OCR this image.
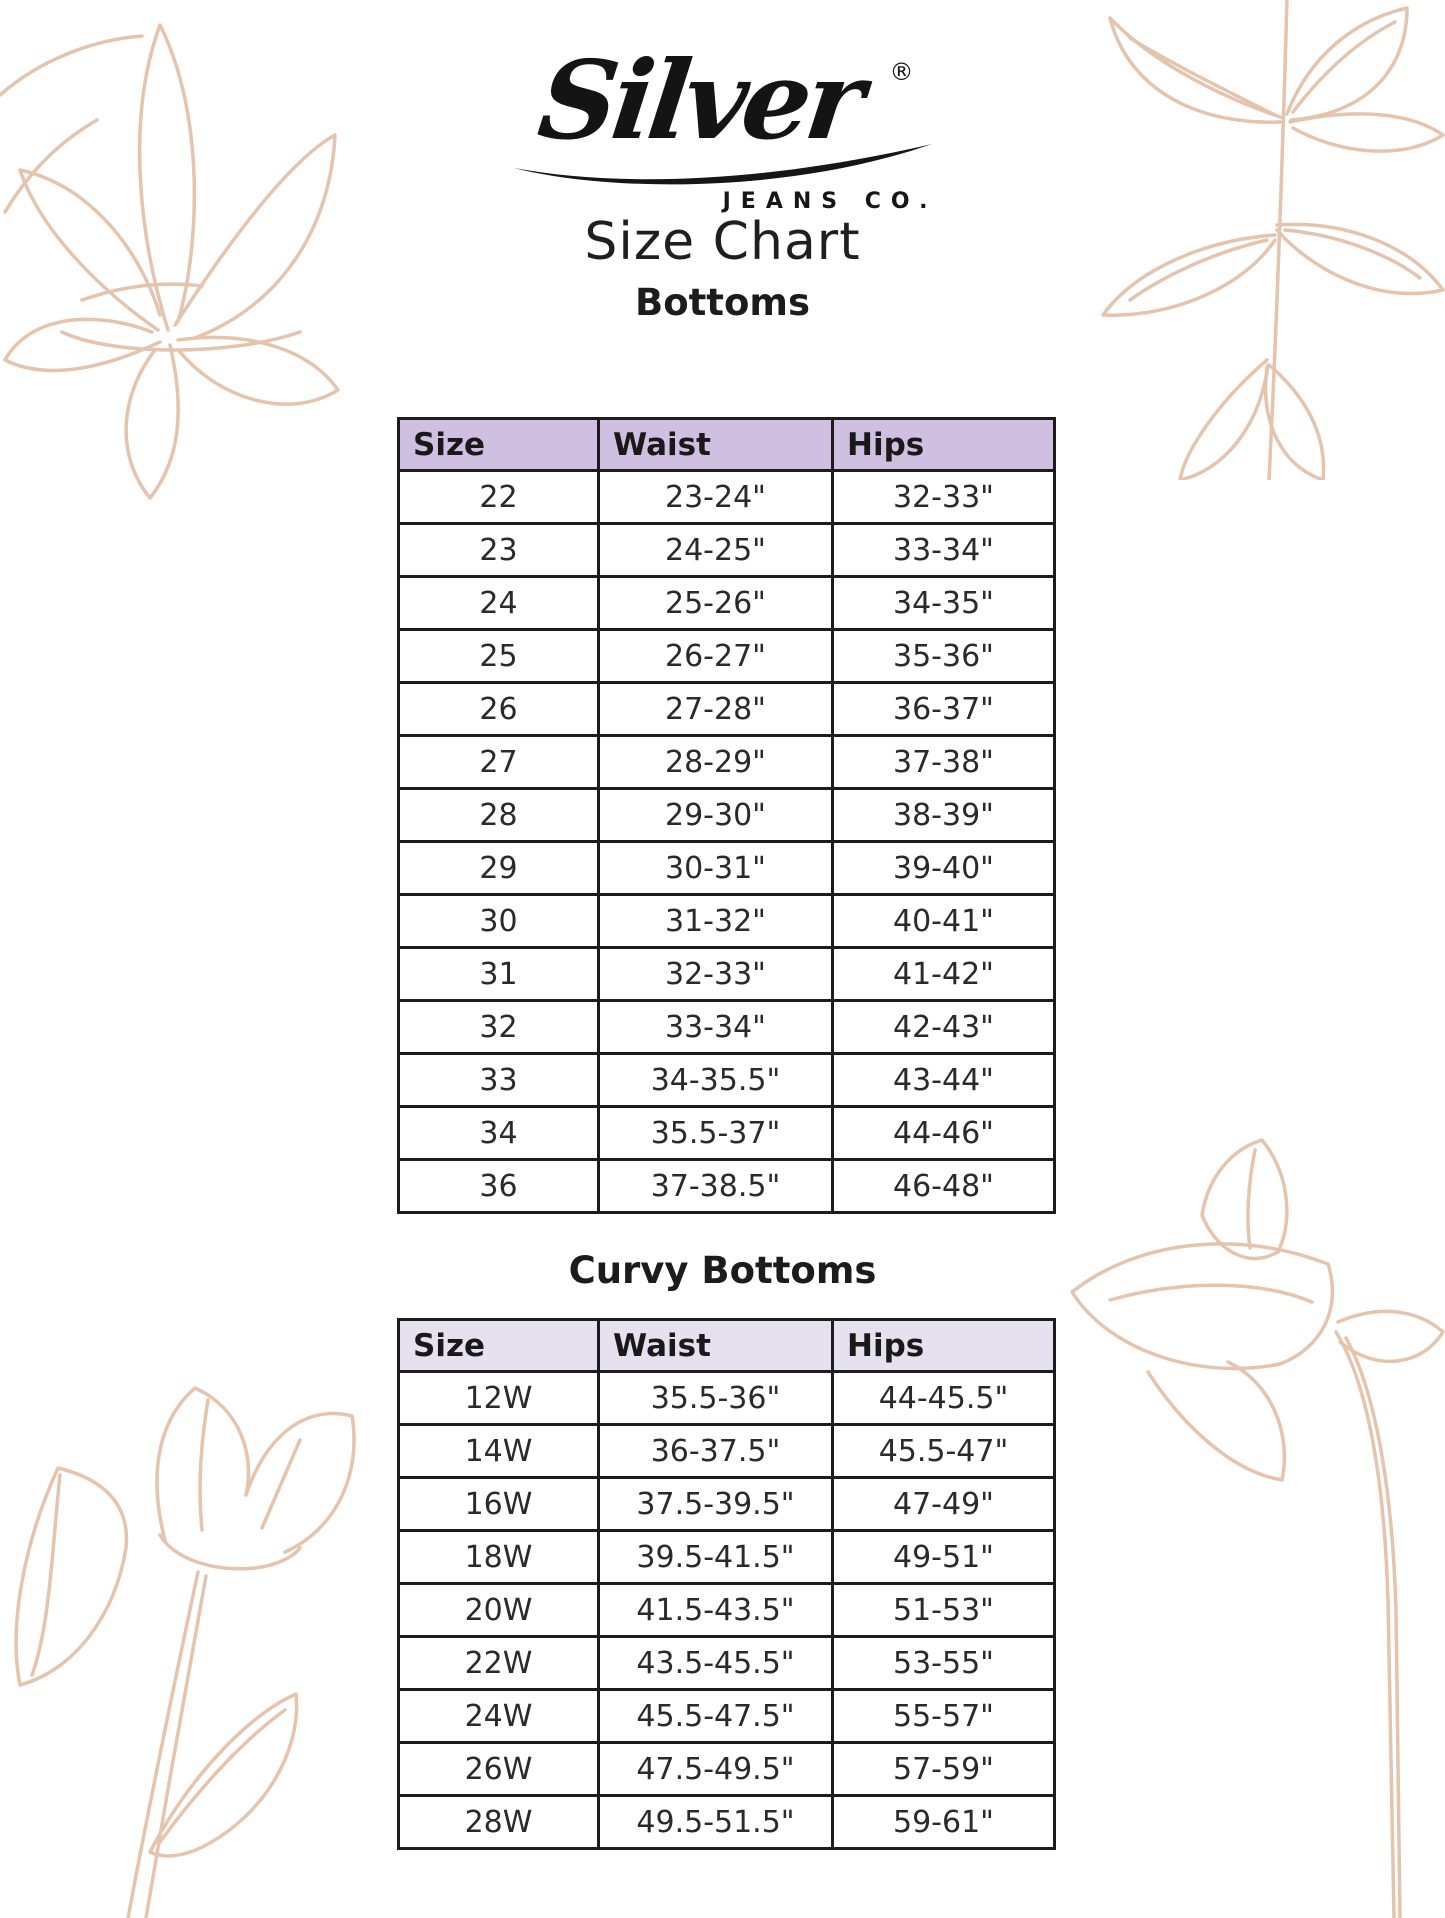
Silver ®
JEANS CO.
Size Chart
Bottoms
Size	Waist	Hips
22	23-24"	32-33"
23	24-25"	33-34"
24	25-26"	34-35"
25	26-27"	35-36"
26	27-28"	36-37"
27	28-29"	37-38"
28	29-30"	38-39"
29	30-31"	39-40"
30	31-32"	40-41"
31	32-33"	41-42"
32	33-34"	42-43"
33	34-35.5"	43-44"
34	35.5-37"	44-46"
36	37-38.5"	46-48"
Curvy Bottoms
Size	Waist	Hips
12W	35.5-36"	44-45.5"
14W	36-37.5"	45.5-47"
16W	37.5-39.5"	47-49"
18W	39.5-41.5"	49-51"
20W	41.5-43.5"	51-53"
22W	43.5-45.5"	53-55"
24W	45.5-47.5"	55-57"
26W	47.5-49.5"	57-59"
28W	49.5-51.5"	59-61"
